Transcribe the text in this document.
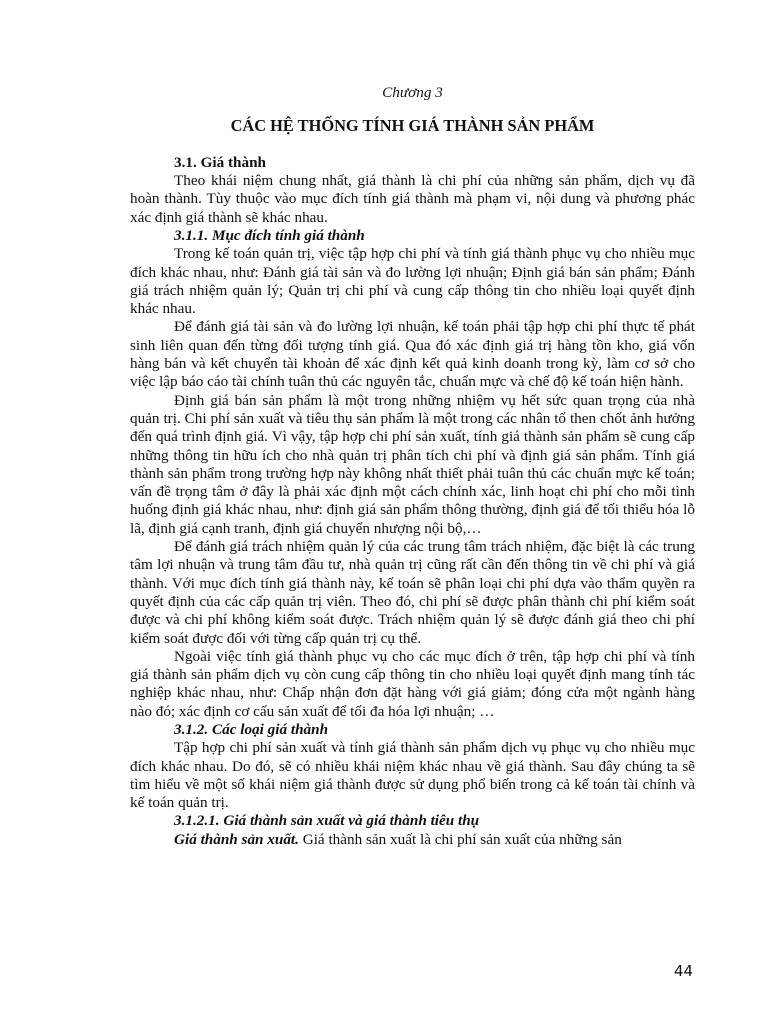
Chương 3

CÁC HỆ THỐNG TÍNH GIÁ THÀNH SẢN PHẨM

3.1. Giá thành

Theo khái niệm chung nhất, giá thành là chi phí của những sản phẩm, dịch vụ đã hoàn thành. Tùy thuộc vào mục đích tính giá thành mà phạm vi, nội dung và phương phác xác định giá thành sẽ khác nhau.

3.1.1. Mục đích tính giá thành

Trong kế toán quản trị, việc tập hợp chi phí và tính giá thành phục vụ cho nhiều mục đích khác nhau, như: Đánh giá tài sản và đo lường lợi nhuận; Định giá bán sản phẩm; Đánh giá trách nhiệm quản lý; Quản trị chi phí và cung cấp thông tin cho nhiều loại quyết định khác nhau.

Để đánh giá tài sản và đo lường lợi nhuận, kế toán phải tập hợp chi phí thực tế phát sinh liên quan đến từng đối tượng tính giá. Qua đó xác định giá trị hàng tồn kho, giá vốn hàng bán và kết chuyển tài khoản để xác định kết quả kinh doanh trong kỳ, làm cơ sở cho việc lập báo cáo tài chính tuân thủ các nguyên tắc, chuẩn mực và chế độ kế toán hiện hành.

Định giá bán sản phẩm là một trong những nhiệm vụ hết sức quan trọng của nhà quản trị. Chi phí sản xuất và tiêu thụ sản phẩm là một trong các nhân tố then chốt ảnh hưởng đến quá trình định giá. Vì vậy, tập hợp chi phí sản xuất, tính giá thành sản phẩm sẽ cung cấp những thông tin hữu ích cho nhà quản trị phân tích chi phí và định giá sản phẩm. Tính giá thành sản phẩm trong trường hợp này không nhất thiết phải tuân thủ các chuẩn mực kế toán; vấn đề trọng tâm ở đây là phải xác định một cách chính xác, linh hoạt chi phí cho mỗi tình huống định giá khác nhau, như: định giá sản phẩm thông thường, định giá để tối thiểu hóa lỗ lã, định giá cạnh tranh, định giá chuyển nhượng nội bộ,…

Để đánh giá trách nhiệm quản lý của các trung tâm trách nhiệm, đặc biệt là các trung tâm lợi nhuận và trung tâm đầu tư, nhà quản trị cũng rất cần đến thông tin về chi phí và giá thành. Với mục đích tính giá thành này, kế toán sẽ phân loại chi phí dựa vào thẩm quyền ra quyết định của các cấp quản trị viên. Theo đó, chi phí sẽ được phân thành chi phí kiểm soát được và chi phí không kiểm soát được. Trách nhiệm quản lý sẽ được đánh giá theo chi phí kiểm soát được đối với từng cấp quản trị cụ thể.

Ngoài việc tính giá thành phục vụ cho các mục đích ở trên, tập hợp chi phí và tính giá thành sản phẩm dịch vụ còn cung cấp thông tin cho nhiều loại quyết định mang tính tác nghiệp khác nhau, như: Chấp nhận đơn đặt hàng với giá giảm; đóng cửa một ngành hàng nào đó; xác định cơ cấu sản xuất để tối đa hóa lợi nhuận; …

3.1.2. Các loại giá thành

Tập hợp chi phí sản xuất và tính giá thành sản phẩm dịch vụ phục vụ cho nhiều mục đích khác nhau. Do đó, sẽ có nhiều khái niệm khác nhau về giá thành. Sau đây chúng ta sẽ tìm hiểu về một số khái niệm giá thành được sử dụng phổ biến trong cả kế toán tài chính và kế toán quản trị.

3.1.2.1. Giá thành sản xuất và giá thành tiêu thụ

Giá thành sản xuất. Giá thành sản xuất là chi phí sản xuất của những sản

44
